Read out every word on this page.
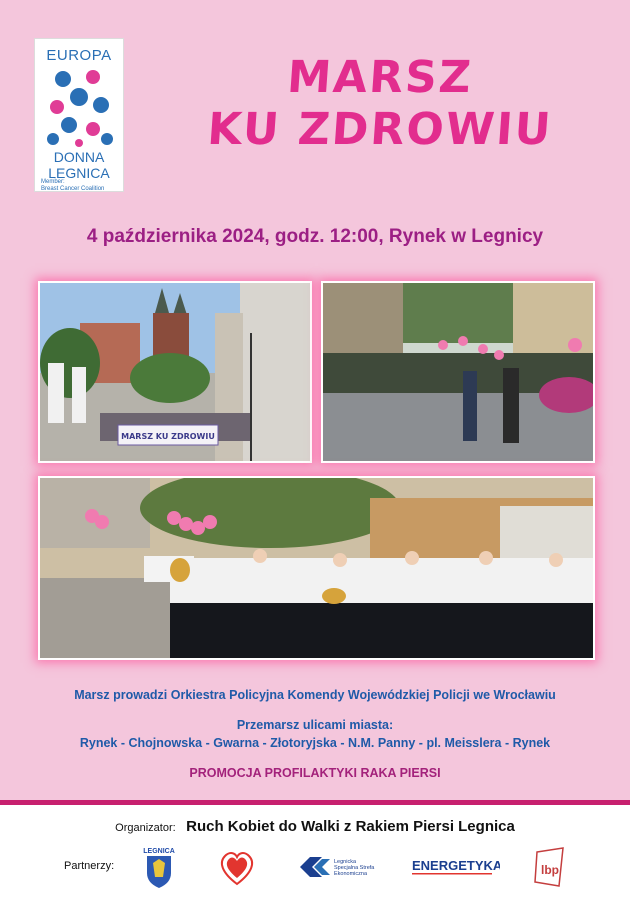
EUROPA
DONNA
LEGNICA
Member:
Breast Cancer Coalition
MARSZ
KU ZDROWIU
4 października 2024, godz. 12:00, Rynek w Legnicy
MARSZ KU ZDROWIU
Marsz prowadzi Orkiestra Policyjna Komendy Wojewódzkiej Policji we Wrocławiu
Przemarsz ulicami miasta:
Rynek - Chojnowska - Gwarna - Złotoryjska - N.M. Panny - pl. Meisslera - Rynek
PROMOCJA PROFILAKTYKI RAKA PIERSI
Organizator: Ruch Kobiet do Walki z Rakiem Piersi Legnica
Partnerzy:
LEGNICA
Legnicka
Specjalna Strefa
Ekonomiczna
ENERGETYKA	lbp
